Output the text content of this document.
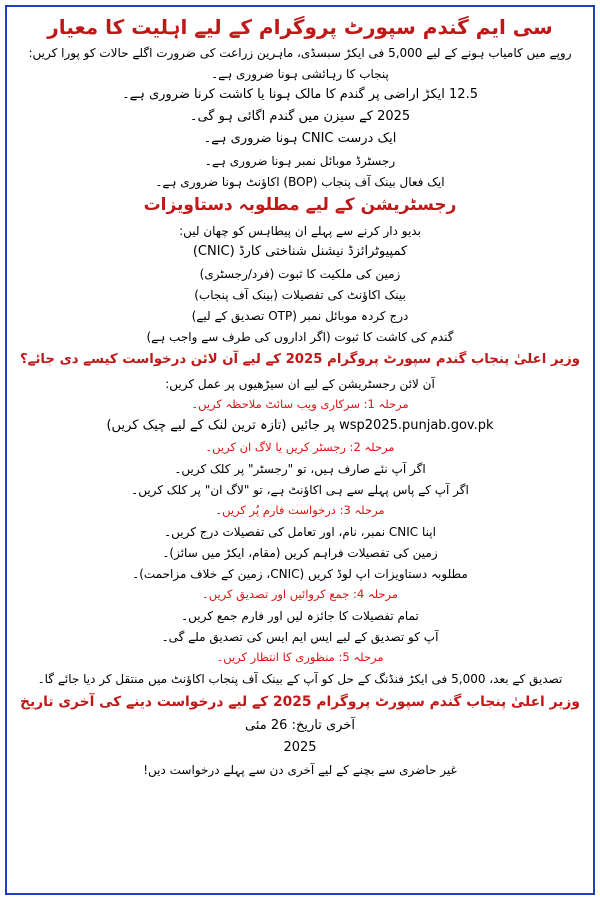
سی ایم گندم سپورٹ پروگرام کے لیے اہلیت کا معیار
روپے میں کامیاب ہونے کے لیے 5,000 فی ایکڑ سبسڈی، ماہرین زراعت کی ضرورت اگلے حالات کو پورا کریں:
پنجاب کا رہائشی ہونا ضروری ہے۔
12.5 ایکڑ اراضی پر گندم کا مالک ہونا یا کاشت کرنا ضروری ہے۔
2025 کے سیزن میں گندم اگائی ہو گی۔
ایک درست CNIC ہونا ضروری ہے۔
رجسٹرڈ موبائل نمبر ہونا ضروری ہے۔
ایک فعال بینک آف پنجاب (BOP) اکاؤنٹ ہونا ضروری ہے۔
رجسٹریشن کے لیے مطلوبہ دستاویزات
بدیو دار کرنے سے پہلے ان پیطاہس کو چھان لیں:
کمپیوٹرائزڈ نیشنل شناختی کارڈ (CNIC)
زمین کی ملکیت کا ثبوت (فرد/رجسٹری)
بینک اکاؤنٹ کی تفصیلات (بینک آف پنجاب)
درج کردہ موبائل نمبر (OTP تصدیق کے لیے)
گندم کی کاشت کا ثبوت (اگر اداروں کی طرف سے واجب ہے)
وزیر اعلیٰ پنجاب گندم سپورٹ پروگرام 2025 کے لیے آن لائن درخواست کیسے دی جائے؟
آن لائن رجسٹریشن کے لیے ان سیڑھیوں پر عمل کریں:
مرحلہ 1: سرکاری ویب سائٹ ملاحظہ کریں۔
wsp2025.punjab.gov.pk پر جائیں (تازہ ترین لنک کے لیے چیک کریں)
مرحلہ 2: رجسٹر کریں یا لاگ ان کریں۔
اگر آپ نئے صارف ہیں، تو "رجسٹر" پر کلک کریں۔
اگر آپ کے پاس پہلے سے ہی اکاؤنٹ ہے، تو "لاگ ان" پر کلک کریں۔
مرحلہ 3: درخواست فارم پُر کریں۔
اپنا CNIC نمبر، نام، اور تعامل کی تفصیلات درج کریں۔
زمین کی تفصیلات فراہم کریں (مقام، ایکڑ میں سائز)۔
مطلوبہ دستاویزات اپ لوڈ کریں (CNIC، زمین کے خلاف مزاحمت)۔
مرحلہ 4: جمع کروائیں اور تصدیق کریں۔
تمام تفصیلات کا جائزہ لیں اور فارم جمع کریں۔
آپ کو تصدیق کے لیے ایس ایم ایس کی تصدیق ملے گی۔
مرحلہ 5: منظوری کا انتظار کریں۔
تصدیق کے بعد، 5,000 فی ایکڑ فنڈنگ کے حل کو آپ کے بینک آف پنجاب اکاؤنٹ میں منتقل کر دیا جائے گا۔
وزیر اعلیٰ پنجاب گندم سپورٹ پروگرام 2025 کے لیے درخواست دینے کی آخری تاریخ
آخری تاریخ: 26 مئی
2025
غیر حاضری سے بچنے کے لیے آخری دن سے پہلے درخواست دیں!
